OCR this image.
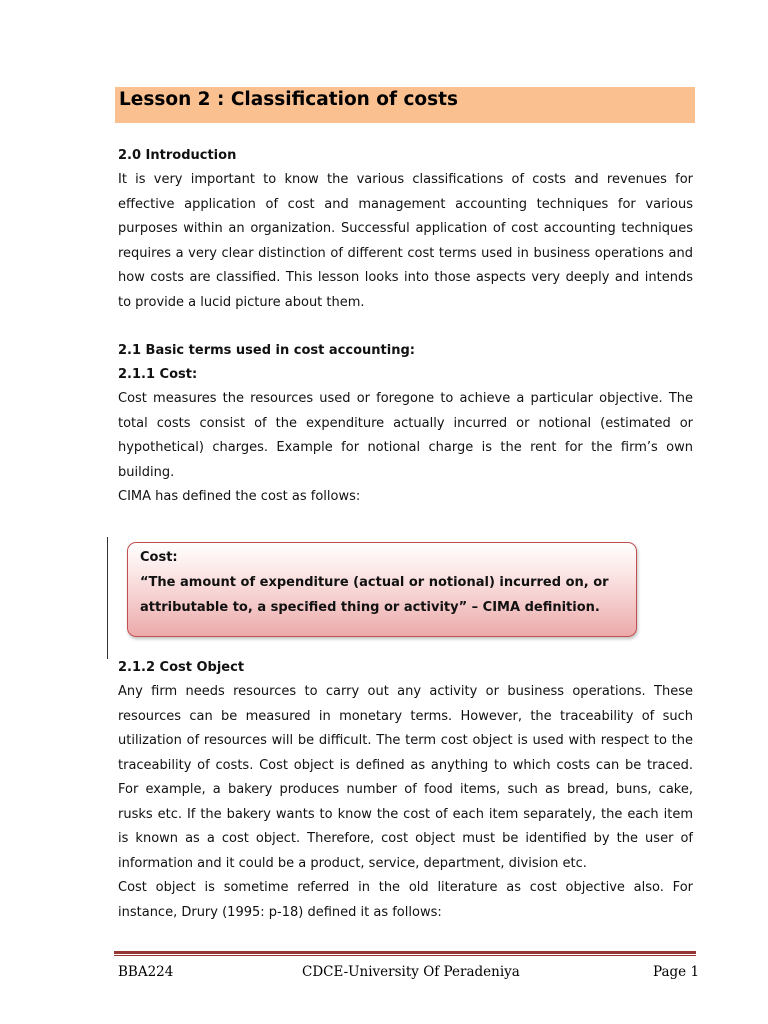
Lesson 2 : Classification of costs
2.0 Introduction
It is very important to know the various classifications of costs and revenues for
effective application of cost and management accounting techniques for various
purposes within an organization. Successful application of cost accounting techniques
requires a very clear distinction of different cost terms used in business operations and
how costs are classified. This lesson looks into those aspects very deeply and intends
to provide a lucid picture about them.
2.1 Basic terms used in cost accounting:
2.1.1 Cost:
Cost measures the resources used or foregone to achieve a particular objective. The
total costs consist of the expenditure actually incurred or notional (estimated or
hypothetical) charges. Example for notional charge is the rent for the firm’s own
building.
CIMA has defined the cost as follows:
Cost:
“The amount of expenditure (actual or notional) incurred on, or
attributable to, a specified thing or activity” – CIMA definition.
2.1.2 Cost Object
Any firm needs resources to carry out any activity or business operations. These
resources can be measured in monetary terms. However, the traceability of such
utilization of resources will be difficult. The term cost object is used with respect to the
traceability of costs. Cost object is defined as anything to which costs can be traced.
For example, a bakery produces number of food items, such as bread, buns, cake,
rusks etc. If the bakery wants to know the cost of each item separately, the each item
is known as a cost object. Therefore, cost object must be identified by the user of
information and it could be a product, service, department, division etc.
Cost object is sometime referred in the old literature as cost objective also. For
instance, Drury (1995: p-18) defined it as follows:
BBA224	CDCE-University Of Peradeniya	Page 1
